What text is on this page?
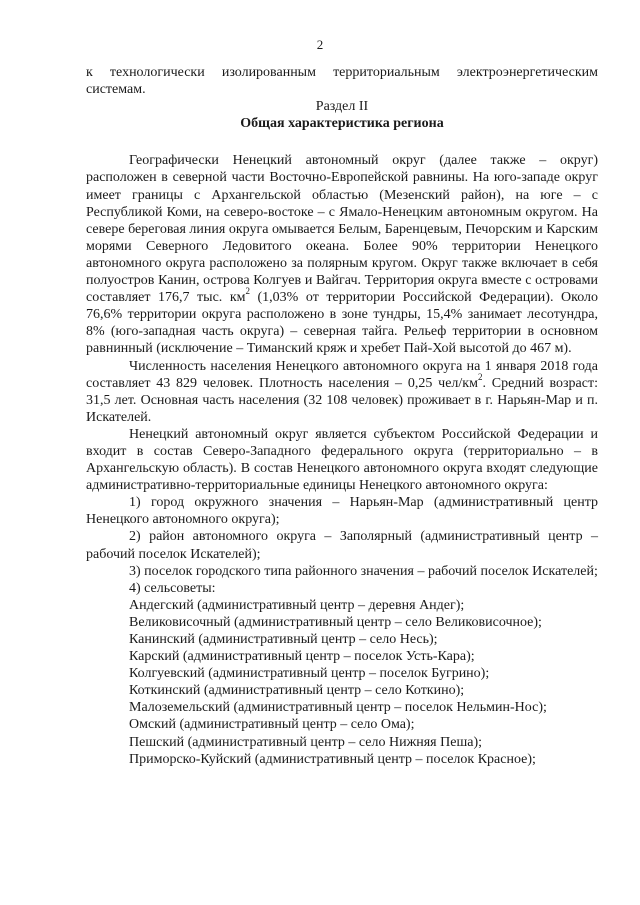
2

к технологически изолированным территориальным электроэнергетическим системам.

Раздел II

Общая характеристика региона

Географически Ненецкий автономный округ (далее также – округ) расположен в северной части Восточно-Европейской равнины. На юго-западе округ имеет границы с Архангельской областью (Мезенский район), на юге – с Республикой Коми, на северо-востоке – с Ямало-Ненецким автономным округом. На севере береговая линия округа омывается Белым, Баренцевым, Печорским и Карским морями Северного Ледовитого океана. Более 90% территории Ненецкого автономного округа расположено за полярным кругом. Округ также включает в себя полуостров Канин, острова Колгуев и Вайгач. Территория округа вместе с островами составляет 176,7 тыс. $км^2$ (1,03% от территории Российской Федерации). Около 76,6% территории округа расположено в зоне тундры, 15,4% занимает лесотундра, 8% (юго-западная часть округа) – северная тайга. Рельеф территории в основном равнинный (исключение – Тиманский кряж и хребет Пай-Хой высотой до 467 м).

Численность населения Ненецкого автономного округа на 1 января 2018 года составляет 43 829 человек. Плотность населения – 0,25 чел/$км^2$. Средний возраст: 31,5 лет. Основная часть населения (32 108 человек) проживает в г. Нарьян-Мар и п. Искателей.

Ненецкий автономный округ является субъектом Российской Федерации и входит в состав Северо-Западного федерального округа (территориально – в Архангельскую область). В состав Ненецкого автономного округа входят следующие административно-территориальные единицы Ненецкого автономного округа:

1) город окружного значения – Нарьян-Мар (административный центр Ненецкого автономного округа);

2) район автономного округа – Заполярный (административный центр – рабочий поселок Искателей);

3) поселок городского типа районного значения – рабочий поселок Искателей;

4) сельсоветы:

Андегский (административный центр – деревня Андег);

Великовисочный (административный центр – село Великовисочное);

Канинский (административный центр – село Несь);

Карский (административный центр – поселок Усть-Кара);

Колгуевский (административный центр – поселок Бугрино);

Коткинский (административный центр – село Коткино);

Малоземельский (административный центр – поселок Нельмин-Нос);

Омский (административный центр – село Ома);

Пешский (административный центр – село Нижняя Пеша);

Приморско-Куйский (административный центр – поселок Красное);
